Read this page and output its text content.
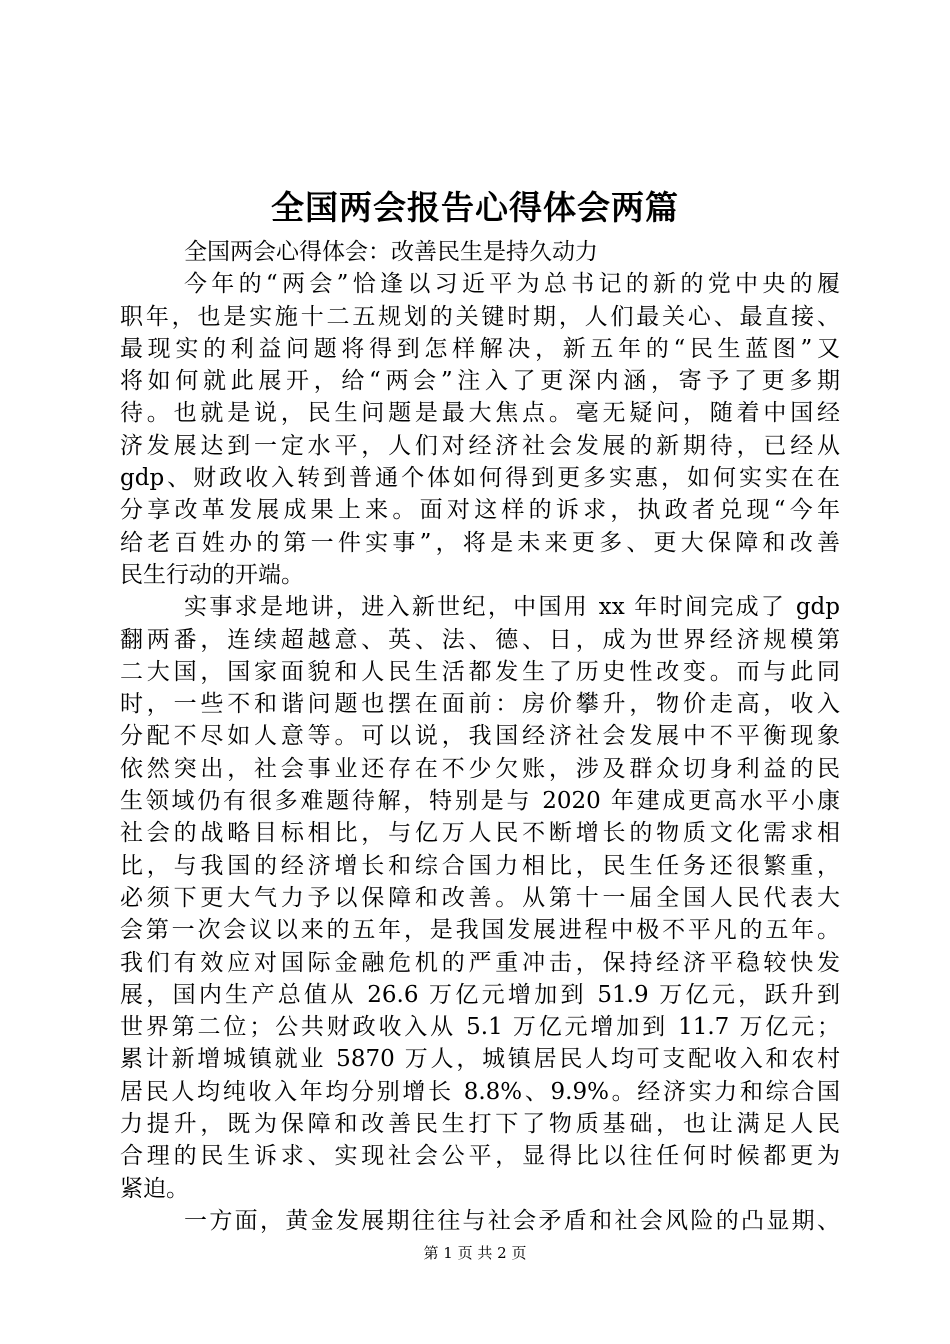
全国两会报告心得体会两篇
全国两会心得体会：改善民生是持久动力
今年的“两会”恰逢以习近平为总书记的新的党中央的履
职年，也是实施十二五规划的关键时期，人们最关心、最直接、
最现实的利益问题将得到怎样解决，新五年的“民生蓝图”又
将如何就此展开，给“两会”注入了更深内涵，寄予了更多期
待。也就是说，民生问题是最大焦点。毫无疑问，随着中国经
济发展达到一定水平，人们对经济社会发展的新期待，已经从
gdp、财政收入转到普通个体如何得到更多实惠，如何实实在在
分享改革发展成果上来。面对这样的诉求，执政者兑现“今年
给老百姓办的第一件实事”，将是未来更多、更大保障和改善
民生行动的开端。
实事求是地讲，进入新世纪，中国用 xx 年时间完成了 gdp
翻两番，连续超越意、英、法、德、日，成为世界经济规模第
二大国，国家面貌和人民生活都发生了历史性改变。而与此同
时，一些不和谐问题也摆在面前：房价攀升，物价走高，收入
分配不尽如人意等。可以说，我国经济社会发展中不平衡现象
依然突出，社会事业还存在不少欠账，涉及群众切身利益的民
生领域仍有很多难题待解，特别是与 2020 年建成更高水平小康
社会的战略目标相比，与亿万人民不断增长的物质文化需求相
比，与我国的经济增长和综合国力相比，民生任务还很繁重，
必须下更大气力予以保障和改善。从第十一届全国人民代表大
会第一次会议以来的五年，是我国发展进程中极不平凡的五年。
我们有效应对国际金融危机的严重冲击，保持经济平稳较快发
展，国内生产总值从 26.6 万亿元增加到 51.9 万亿元，跃升到
世界第二位；公共财政收入从 5.1 万亿元增加到 11.7 万亿元；
累计新增城镇就业 5870 万人，城镇居民人均可支配收入和农村
居民人均纯收入年均分别增长 8.8%、9.9%。经济实力和综合国
力提升，既为保障和改善民生打下了物质基础，也让满足人民
合理的民生诉求、实现社会公平，显得比以往任何时候都更为
紧迫。
一方面，黄金发展期往往与社会矛盾和社会风险的凸显期、
第 1 页 共 2 页
